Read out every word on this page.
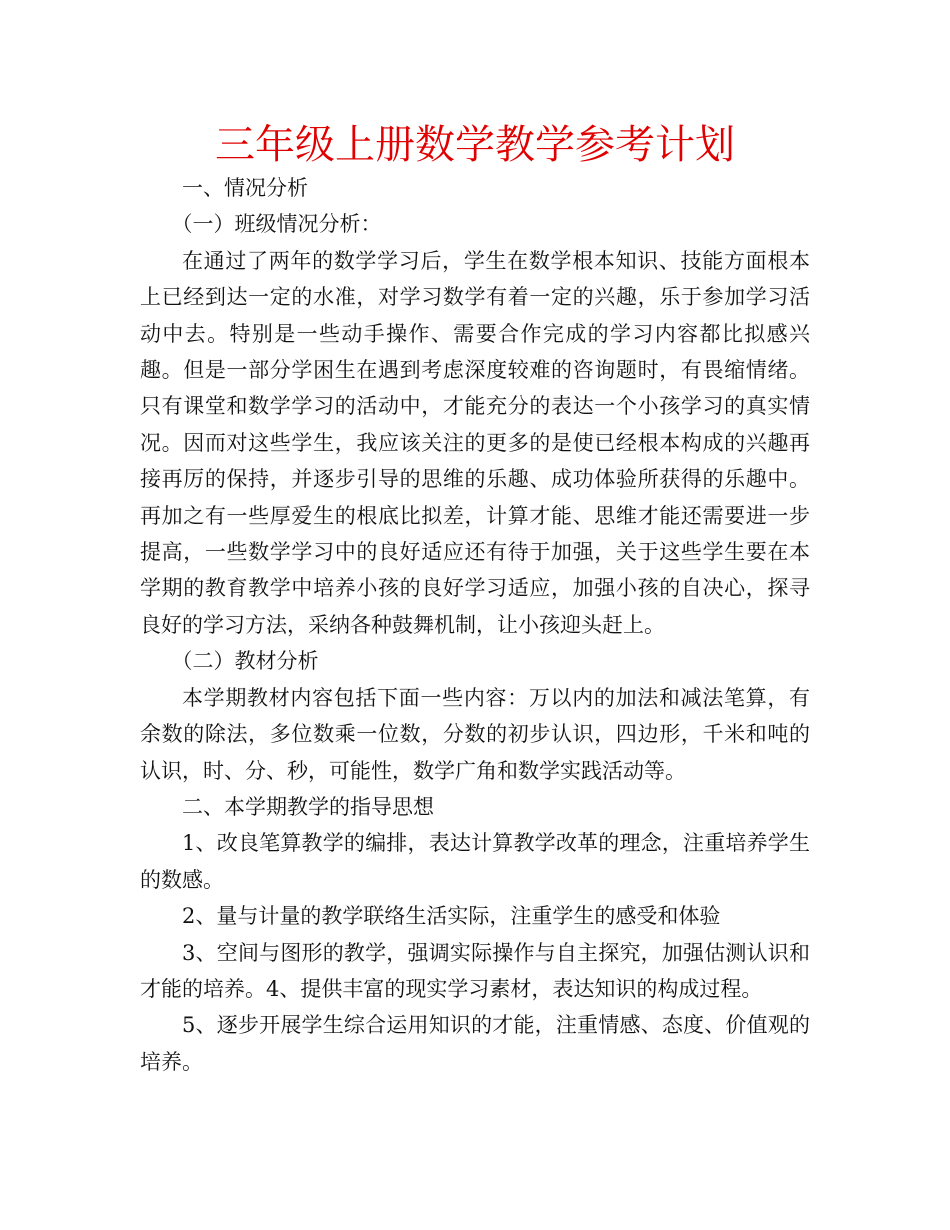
三年级上册数学教学参考计划

一、情况分析

（一）班级情况分析：

在通过了两年的数学学习后，学生在数学根本知识、技能方面根本上已经到达一定的水准，对学习数学有着一定的兴趣，乐于参加学习活动中去。特别是一些动手操作、需要合作完成的学习内容都比拟感兴趣。但是一部分学困生在遇到考虑深度较难的咨询题时，有畏缩情绪。只有课堂和数学学习的活动中，才能充分的表达一个小孩学习的真实情况。因而对这些学生，我应该关注的更多的是使已经根本构成的兴趣再接再厉的保持，并逐步引导的思维的乐趣、成功体验所获得的乐趣中。再加之有一些厚爱生的根底比拟差，计算才能、思维才能还需要进一步提高，一些数学学习中的良好适应还有待于加强，关于这些学生要在本学期的教育教学中培养小孩的良好学习适应，加强小孩的自决心，探寻良好的学习方法，采纳各种鼓舞机制，让小孩迎头赶上。

（二）教材分析

本学期教材内容包括下面一些内容：万以内的加法和减法笔算，有余数的除法，多位数乘一位数，分数的初步认识，四边形，千米和吨的认识，时、分、秒，可能性，数学广角和数学实践活动等。

二、本学期教学的指导思想

1、改良笔算教学的编排，表达计算教学改革的理念，注重培养学生的数感。

2、量与计量的教学联络生活实际，注重学生的感受和体验

3、空间与图形的教学，强调实际操作与自主探究，加强估测认识和才能的培养。4、提供丰富的现实学习素材，表达知识的构成过程。

5、逐步开展学生综合运用知识的才能，注重情感、态度、价值观的培养。
